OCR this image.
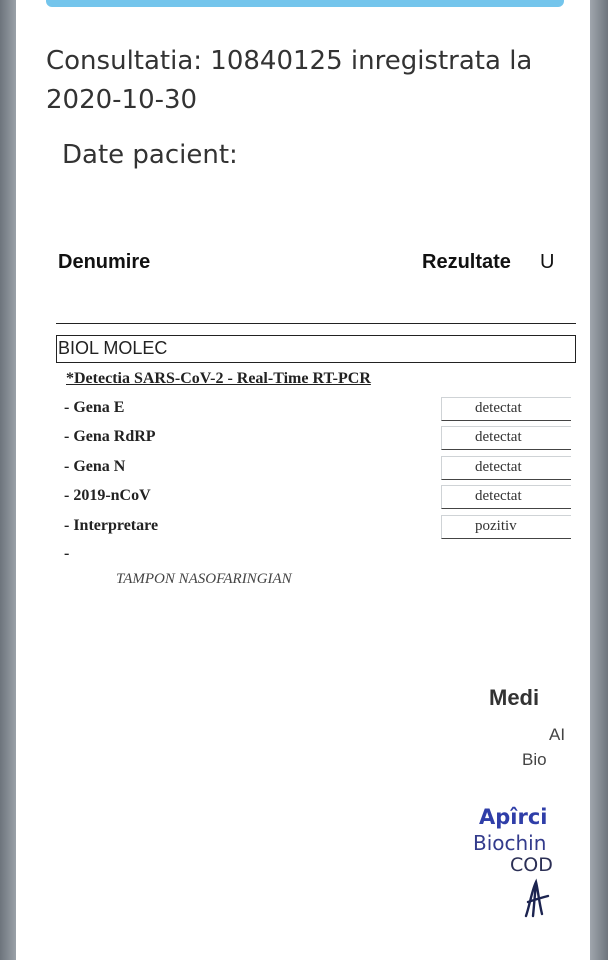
Consultatia: 10840125 inregistrata la 2020-10-30
Date pacient:
Denumire	Rezultate U
BIOL MOLEC
*Detectia SARS-CoV-2 - Real-Time RT-PCR
- Gena E	detectat
- Gena RdRP	detectat
- Gena N	detectat
- 2019-nCoV	detectat
- Interpretare	pozitiv
-
TAMPON NASOFARINGIAN
Medi
AI
Bio
Apîrci
Biochin
COD
